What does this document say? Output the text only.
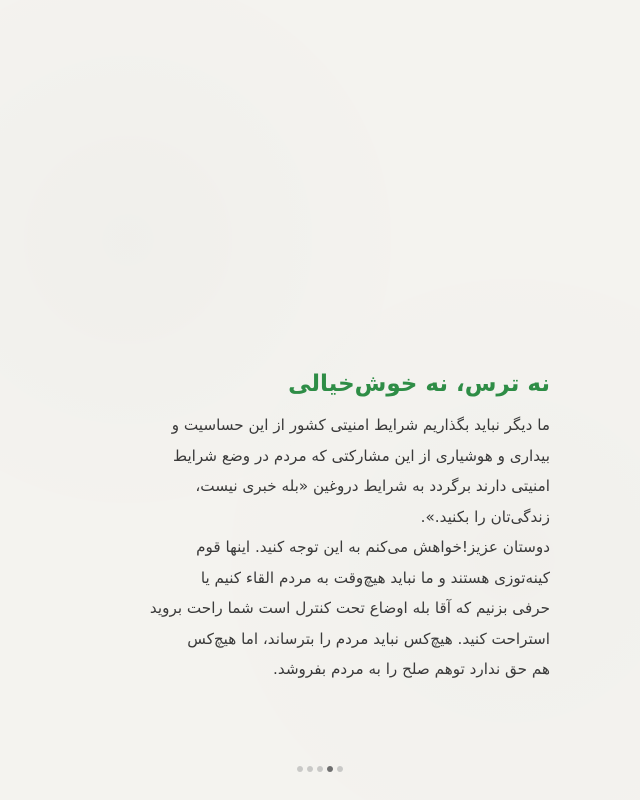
نه ترس، نه خوش‌خیالی

ما دیگر نباید بگذاریم شرایط امنیتی کشور از این حساسیت و
بیداری و هوشیاری از این مشارکتی که مردم در وضع شرایط
امنیتی دارند برگردد به شرایط دروغین «بله خبری نیست،
زندگی‌تان را بکنید.».

دوستان عزیز!خواهش می‌کنم به این توجه کنید. اینها قوم
کینه‌توزی هستند و ما نباید هیچ‌وقت به مردم القاء کنیم یا
حرفی بزنیم که آقا بله اوضاع تحت کنترل است شما راحت بروید
استراحت کنید. هیچ‌کس نباید مردم را بترساند، اما هیچ‌کس
هم حق ندارد توهم صلح را به مردم بفروشد.
